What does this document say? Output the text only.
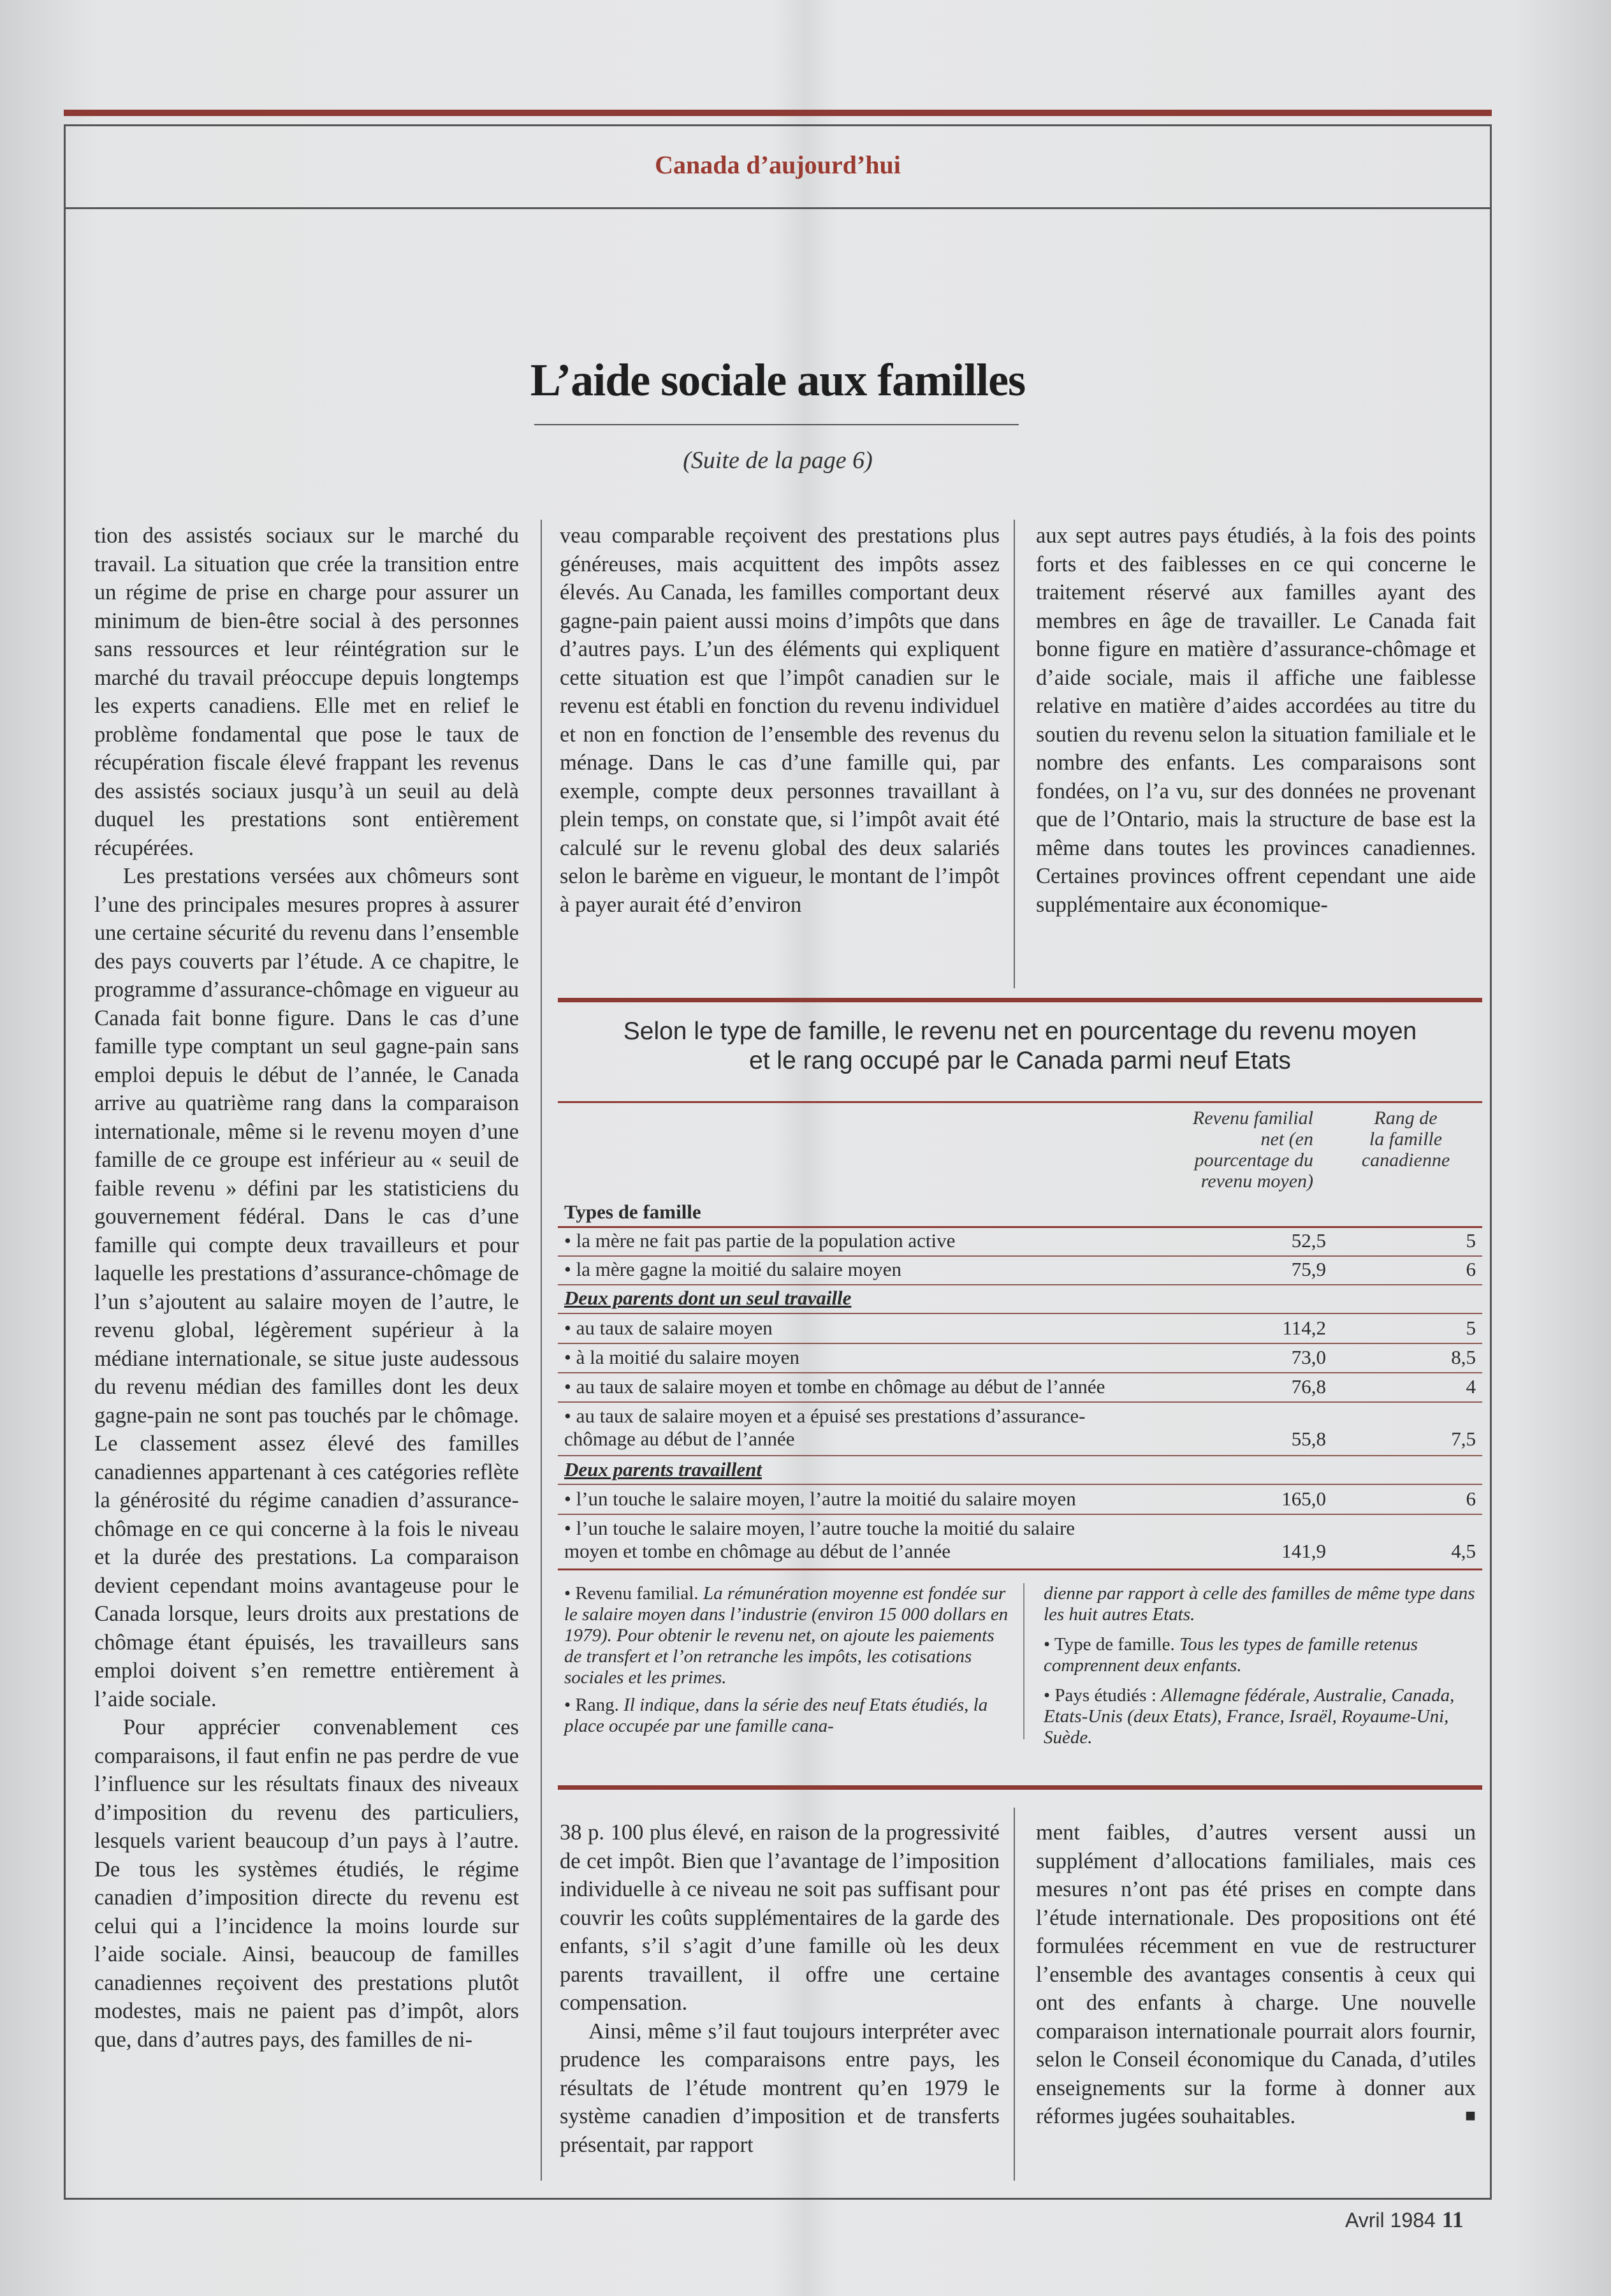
Canada d’aujourd’hui
L’aide sociale aux familles
(Suite de la page 6)

tion des assistés sociaux sur le marché du travail. La situation que crée la transition entre un régime de prise en charge pour assurer un minimum de bien-être social à des personnes sans ressources et leur réintégration sur le marché du travail préoccupe depuis longtemps les experts canadiens. Elle met en relief le problème fondamental que pose le taux de récupération fiscale élevé frappant les revenus des assistés sociaux jusqu’à un seuil au delà duquel les prestations sont entièrement récupérées.

Les prestations versées aux chômeurs sont l’une des principales mesures propres à assurer une certaine sécurité du revenu dans l’ensemble des pays couverts par l’étude. A ce chapitre, le programme d’assurance-chômage en vigueur au Canada fait bonne figure. Dans le cas d’une famille type comptant un seul gagne-pain sans emploi depuis le début de l’année, le Canada arrive au quatrième rang dans la comparaison internationale, même si le revenu moyen d’une famille de ce groupe est inférieur au « seuil de faible revenu » défini par les statisticiens du gouvernement fédéral. Dans le cas d’une famille qui compte deux travailleurs et pour laquelle les prestations d’assurance-chômage de l’un s’ajoutent au salaire moyen de l’autre, le revenu global, légèrement supérieur à la médiane internationale, se situe juste audessous du revenu médian des familles dont les deux gagne-pain ne sont pas touchés par le chômage. Le classement assez élevé des familles canadiennes appartenant à ces catégories reflète la générosité du régime canadien d’assurance-chômage en ce qui concerne à la fois le niveau et la durée des prestations. La comparaison devient cependant moins avantageuse pour le Canada lorsque, leurs droits aux prestations de chômage étant épuisés, les travailleurs sans emploi doivent s’en remettre entièrement à l’aide sociale.

Pour apprécier convenablement ces comparaisons, il faut enfin ne pas perdre de vue l’influence sur les résultats finaux des niveaux d’imposition du revenu des particuliers, lesquels varient beaucoup d’un pays à l’autre. De tous les systèmes étudiés, le régime canadien d’imposition directe du revenu est celui qui a l’incidence la moins lourde sur l’aide sociale. Ainsi, beaucoup de familles canadiennes reçoivent des prestations plutôt modestes, mais ne paient pas d’impôt, alors que, dans d’autres pays, des familles de ni-

veau comparable reçoivent des prestations plus généreuses, mais acquittent des impôts assez élevés. Au Canada, les familles comportant deux gagne-pain paient aussi moins d’impôts que dans d’autres pays. L’un des éléments qui expliquent cette situation est que l’impôt canadien sur le revenu est établi en fonction du revenu individuel et non en fonction de l’ensemble des revenus du ménage. Dans le cas d’une famille qui, par exemple, compte deux personnes travaillant à plein temps, on constate que, si l’impôt avait été calculé sur le revenu global des deux salariés selon le barème en vigueur, le montant de l’impôt à payer aurait été d’environ

aux sept autres pays étudiés, à la fois des points forts et des faiblesses en ce qui concerne le traitement réservé aux familles ayant des membres en âge de travailler. Le Canada fait bonne figure en matière d’assurance-chômage et d’aide sociale, mais il affiche une faiblesse relative en matière d’aides accordées au titre du soutien du revenu selon la situation familiale et le nombre des enfants. Les comparaisons sont fondées, on l’a vu, sur des données ne provenant que de l’Ontario, mais la structure de base est la même dans toutes les provinces canadiennes. Certaines provinces offrent cependant une aide supplémentaire aux économique-

Selon le type de famille, le revenu net en pourcentage du revenu moyen
et le rang occupé par le Canada parmi neuf Etats
Revenu familial
net (en
pourcentage du
revenu moyen)
Rang de
la famille
canadienne
Types de famille
• la mère ne fait pas partie de la population active	52,5	5
• la mère gagne la moitié du salaire moyen	75,9	6
Deux parents dont un seul travaille
• au taux de salaire moyen	114,2	5
• à la moitié du salaire moyen	73,0	8,5
• au taux de salaire moyen et tombe en chômage au début de l’année	76,8	4
• au taux de salaire moyen et a épuisé ses prestations d’assurance-
chômage au début de l’année	55,8	7,5
Deux parents travaillent
• l’un touche le salaire moyen, l’autre la moitié du salaire moyen	165,0	6
• l’un touche le salaire moyen, l’autre touche la moitié du salaire
moyen et tombe en chômage au début de l’année	141,9	4,5
• Revenu familial. La rémunération moyenne est fondée sur le salaire moyen dans l’industrie (environ 15 000 dollars en 1979). Pour obtenir le revenu net, on ajoute les paiements de transfert et l’on retranche les impôts, les cotisations sociales et les primes.
• Rang. Il indique, dans la série des neuf Etats étudiés, la place occupée par une famille cana-
dienne par rapport à celle des familles de même type dans les huit autres Etats.
• Type de famille. Tous les types de famille retenus comprennent deux enfants.
• Pays étudiés : Allemagne fédérale, Australie, Canada, Etats-Unis (deux Etats), France, Israël, Royaume-Uni, Suède.

38 p. 100 plus élevé, en raison de la progressivité de cet impôt. Bien que l’avantage de l’imposition individuelle à ce niveau ne soit pas suffisant pour couvrir les coûts supplémentaires de la garde des enfants, s’il s’agit d’une famille où les deux parents travaillent, il offre une certaine compensation.

Ainsi, même s’il faut toujours interpréter avec prudence les comparaisons entre pays, les résultats de l’étude montrent qu’en 1979 le système canadien d’imposition et de transferts présentait, par rapport

ment faibles, d’autres versent aussi un supplément d’allocations familiales, mais ces mesures n’ont pas été prises en compte dans l’étude internationale. Des propositions ont été formulées récemment en vue de restructurer l’ensemble des avantages consentis à ceux qui ont des enfants à charge. Une nouvelle comparaison internationale pourrait alors fournir, selon le Conseil économique du Canada, d’utiles enseignements sur la forme à donner aux réformes jugées souhaitables.	■

Avril 1984 11
